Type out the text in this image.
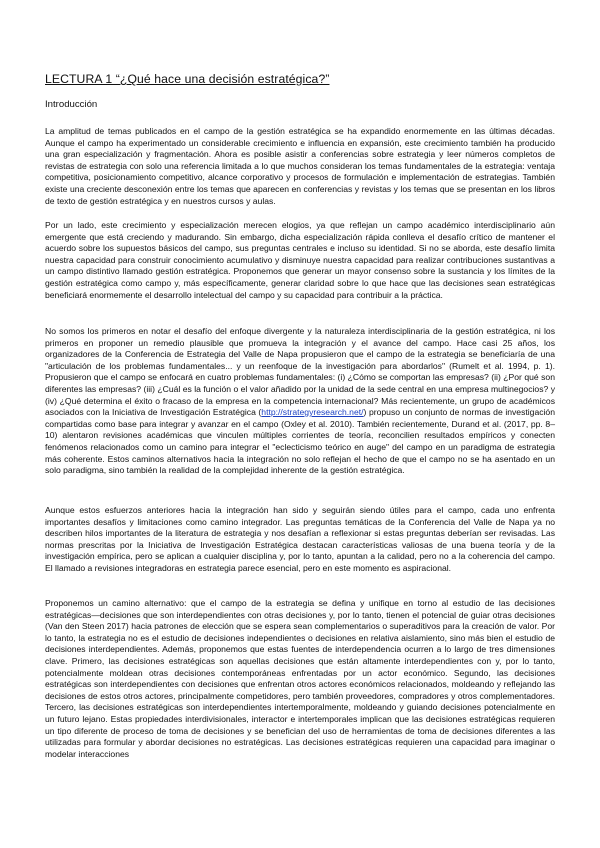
LECTURA 1 “¿Qué hace una decisión estratégica?”
Introducción

La amplitud de temas publicados en el campo de la gestión estratégica se ha expandido enormemente en las últimas décadas. Aunque el campo ha experimentado un considerable crecimiento e influencia en expansión, este crecimiento también ha producido una gran especialización y fragmentación. Ahora es posible asistir a conferencias sobre estrategia y leer números completos de revistas de estrategia con solo una referencia limitada a lo que muchos consideran los temas fundamentales de la estrategia: ventaja competitiva, posicionamiento competitivo, alcance corporativo y procesos de formulación e implementación de estrategias. También existe una creciente desconexión entre los temas que aparecen en conferencias y revistas y los temas que se presentan en los libros de texto de gestión estratégica y en nuestros cursos y aulas.

Por un lado, este crecimiento y especialización merecen elogios, ya que reflejan un campo académico interdisciplinario aún emergente que está creciendo y madurando. Sin embargo, dicha especialización rápida conlleva el desafío crítico de mantener el acuerdo sobre los supuestos básicos del campo, sus preguntas centrales e incluso su identidad. Si no se aborda, este desafío limita nuestra capacidad para construir conocimiento acumulativo y disminuye nuestra capacidad para realizar contribuciones sustantivas a un campo distintivo llamado gestión estratégica. Proponemos que generar un mayor consenso sobre la sustancia y los límites de la gestión estratégica como campo y, más específicamente, generar claridad sobre lo que hace que las decisiones sean estratégicas beneficiará enormemente el desarrollo intelectual del campo y su capacidad para contribuir a la práctica.

No somos los primeros en notar el desafío del enfoque divergente y la naturaleza interdisciplinaria de la gestión estratégica, ni los primeros en proponer un remedio plausible que promueva la integración y el avance del campo. Hace casi 25 años, los organizadores de la Conferencia de Estrategia del Valle de Napa propusieron que el campo de la estrategia se beneficiaría de una "articulación de los problemas fundamentales... y un reenfoque de la investigación para abordarlos" (Rumelt et al. 1994, p. 1). Propusieron que el campo se enfocará en cuatro problemas fundamentales: (i) ¿Cómo se comportan las empresas? (ii) ¿Por qué son diferentes las empresas? (iii) ¿Cuál es la función o el valor añadido por la unidad de la sede central en una empresa multinegocios? y (iv) ¿Qué determina el éxito o fracaso de la empresa en la competencia internacional? Más recientemente, un grupo de académicos asociados con la Iniciativa de Investigación Estratégica (http://strategyresearch.net/) propuso un conjunto de normas de investigación compartidas como base para integrar y avanzar en el campo (Oxley et al. 2010). También recientemente, Durand et al. (2017, pp. 8–10) alentaron revisiones académicas que vinculen múltiples corrientes de teoría, reconcilien resultados empíricos y conecten fenómenos relacionados como un camino para integrar el "eclecticismo teórico en auge" del campo en un paradigma de estrategia más coherente. Estos caminos alternativos hacia la integración no solo reflejan el hecho de que el campo no se ha asentado en un solo paradigma, sino también la realidad de la complejidad inherente de la gestión estratégica.

Aunque estos esfuerzos anteriores hacia la integración han sido y seguirán siendo útiles para el campo, cada uno enfrenta importantes desafíos y limitaciones como camino integrador. Las preguntas temáticas de la Conferencia del Valle de Napa ya no describen hilos importantes de la literatura de estrategia y nos desafían a reflexionar si estas preguntas deberían ser revisadas. Las normas prescritas por la Iniciativa de Investigación Estratégica destacan características valiosas de una buena teoría y de la investigación empírica, pero se aplican a cualquier disciplina y, por lo tanto, apuntan a la calidad, pero no a la coherencia del campo. El llamado a revisiones integradoras en estrategia parece esencial, pero en este momento es aspiracional.

Proponemos un camino alternativo: que el campo de la estrategia se defina y unifique en torno al estudio de las decisiones estratégicas—decisiones que son interdependientes con otras decisiones y, por lo tanto, tienen el potencial de guiar otras decisiones (Van den Steen 2017) hacia patrones de elección que se espera sean complementarios o superaditivos para la creación de valor. Por lo tanto, la estrategia no es el estudio de decisiones independientes o decisiones en relativa aislamiento, sino más bien el estudio de decisiones interdependientes. Además, proponemos que estas fuentes de interdependencia ocurren a lo largo de tres dimensiones clave. Primero, las decisiones estratégicas son aquellas decisiones que están altamente interdependientes con y, por lo tanto, potencialmente moldean otras decisiones contemporáneas enfrentadas por un actor económico. Segundo, las decisiones estratégicas son interdependientes con decisiones que enfrentan otros actores económicos relacionados, moldeando y reflejando las decisiones de estos otros actores, principalmente competidores, pero también proveedores, compradores y otros complementadores. Tercero, las decisiones estratégicas son interdependientes intertemporalmente, moldeando y guiando decisiones potencialmente en un futuro lejano. Estas propiedades interdivisionales, interactor e intertemporales implican que las decisiones estratégicas requieren un tipo diferente de proceso de toma de decisiones y se benefician del uso de herramientas de toma de decisiones diferentes a las utilizadas para formular y abordar decisiones no estratégicas. Las decisiones estratégicas requieren una capacidad para imaginar o modelar interacciones
